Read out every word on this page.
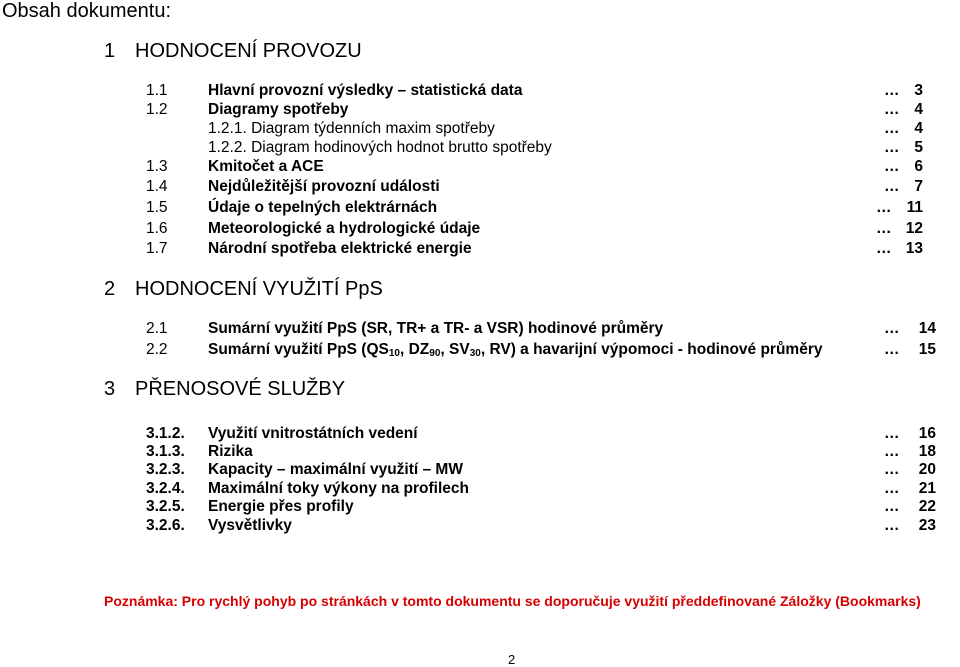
Obsah dokumentu:
1 HODNOCENÍ PROVOZU
1.1	Hlavní provozní výsledky – statistická data	… 3
1.2	Diagramy spotřeby	… 4
1.2.1. Diagram týdenních maxim spotřeby	… 4
1.2.2. Diagram hodinových hodnot brutto spotřeby	… 5
1.3	Kmitočet a ACE	… 6
1.4	Nejdůležitější provozní události	… 7
1.5	Údaje o tepelných elektrárnách	… 11
1.6	Meteorologické a hydrologické údaje	… 12
1.7	Národní spotřeba elektrické energie	… 13
2 HODNOCENÍ VYUŽITÍ PpS
2.1	Sumární využití PpS (SR, TR+ a TR- a VSR) hodinové průměry	…	14
2.2	Sumární využití PpS ($QS_{10}$, $DZ_{90}$, $SV_{30}$, RV) a havarijní výpomoci - hodinové průměry	…	15
3 PŘENOSOVÉ SLUŽBY
3.1.2. Využití vnitrostátních vedení	…	16
3.1.3. Rizika	…	18
3.2.3. Kapacity – maximální využití – MW	…	20
3.2.4. Maximální toky výkony na profilech	…	21
3.2.5. Energie přes profily	…	22
3.2.6. Vysvětlivky	…	23
Poznámka: Pro rychlý pohyb po stránkách v tomto dokumentu se doporučuje využití předdefinované Záložky (Bookmarks)
2
